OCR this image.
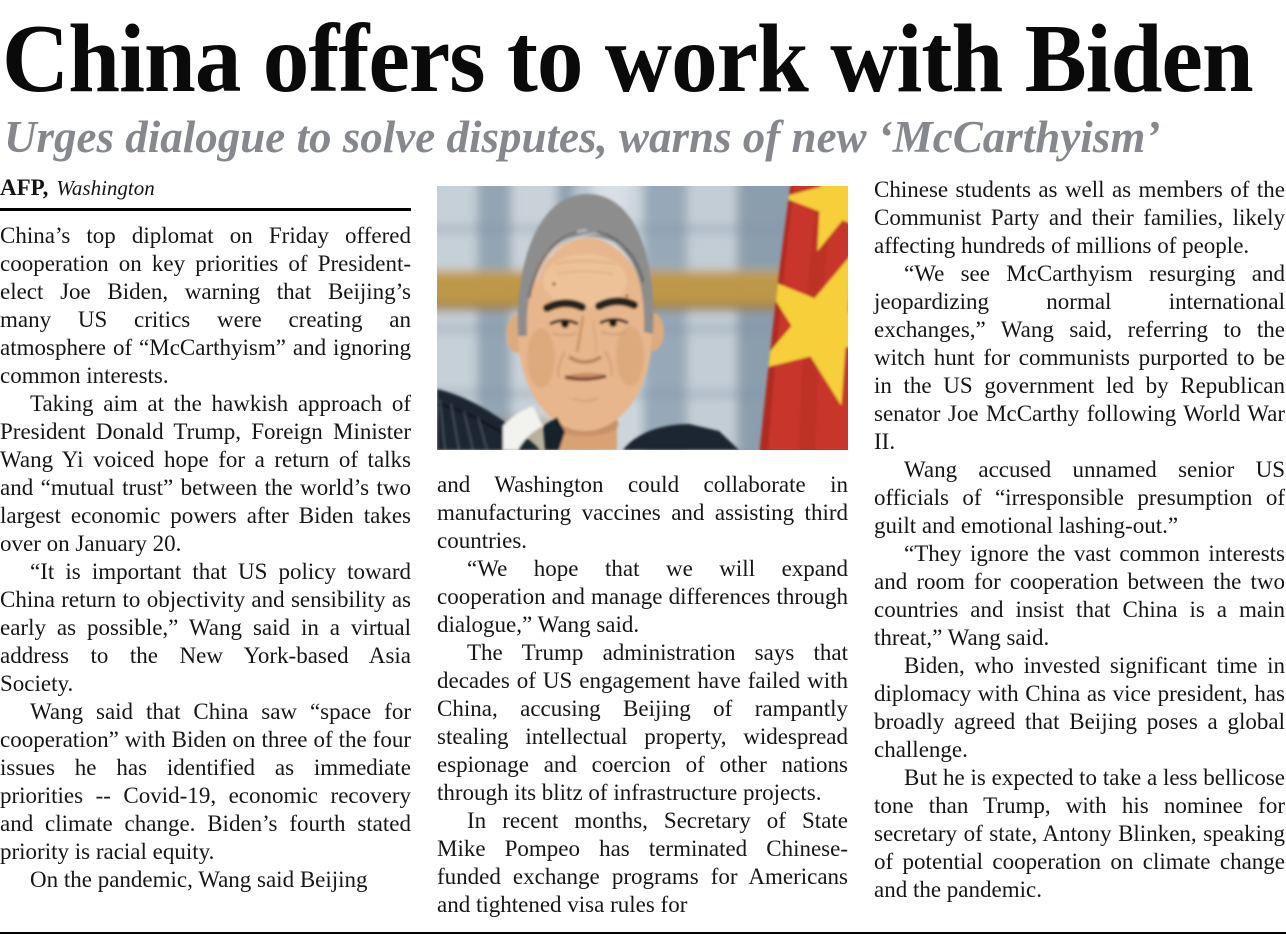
China offers to work with Biden
Urges dialogue to solve disputes, warns of new ‘McCarthyism’
AFP, Washington

China’s top diplomat on Friday offered cooperation on key priorities of President-elect Joe Biden, warning that Beijing’s many US critics were creating an atmosphere of “McCarthyism” and ignoring common interests.

Taking aim at the hawkish approach of President Donald Trump, Foreign Minister Wang Yi voiced hope for a return of talks and “mutual trust” between the world’s two largest economic powers after Biden takes over on January 20.

“It is important that US policy toward China return to objectivity and sensibility as early as possible,” Wang said in a virtual address to the New York-based Asia Society.

Wang said that China saw “space for cooperation” with Biden on three of the four issues he has identified as immediate priorities -- Covid-19, economic recovery and climate change. Biden’s fourth stated priority is racial equity.

On the pandemic, Wang said Beijing

and Washington could collaborate in manufacturing vaccines and assisting third countries.

“We hope that we will expand cooperation and manage differences through dialogue,” Wang said.

The Trump administration says that decades of US engagement have failed with China, accusing Beijing of rampantly stealing intellectual property, widespread espionage and coercion of other nations through its blitz of infrastructure projects.

In recent months, Secretary of State Mike Pompeo has terminated Chinese-funded exchange programs for Americans and tightened visa rules for

Chinese students as well as members of the Communist Party and their families, likely affecting hundreds of millions of people.

“We see McCarthyism resurging and jeopardizing normal international exchanges,” Wang said, referring to the witch hunt for communists purported to be in the US government led by Republican senator Joe McCarthy following World War II.

Wang accused unnamed senior US officials of “irresponsible presumption of guilt and emotional lashing-out.”

“They ignore the vast common interests and room for cooperation between the two countries and insist that China is a main threat,” Wang said.

Biden, who invested significant time in diplomacy with China as vice president, has broadly agreed that Beijing poses a global challenge.

But he is expected to take a less bellicose tone than Trump, with his nominee for secretary of state, Antony Blinken, speaking of potential cooperation on climate change and the pandemic.
